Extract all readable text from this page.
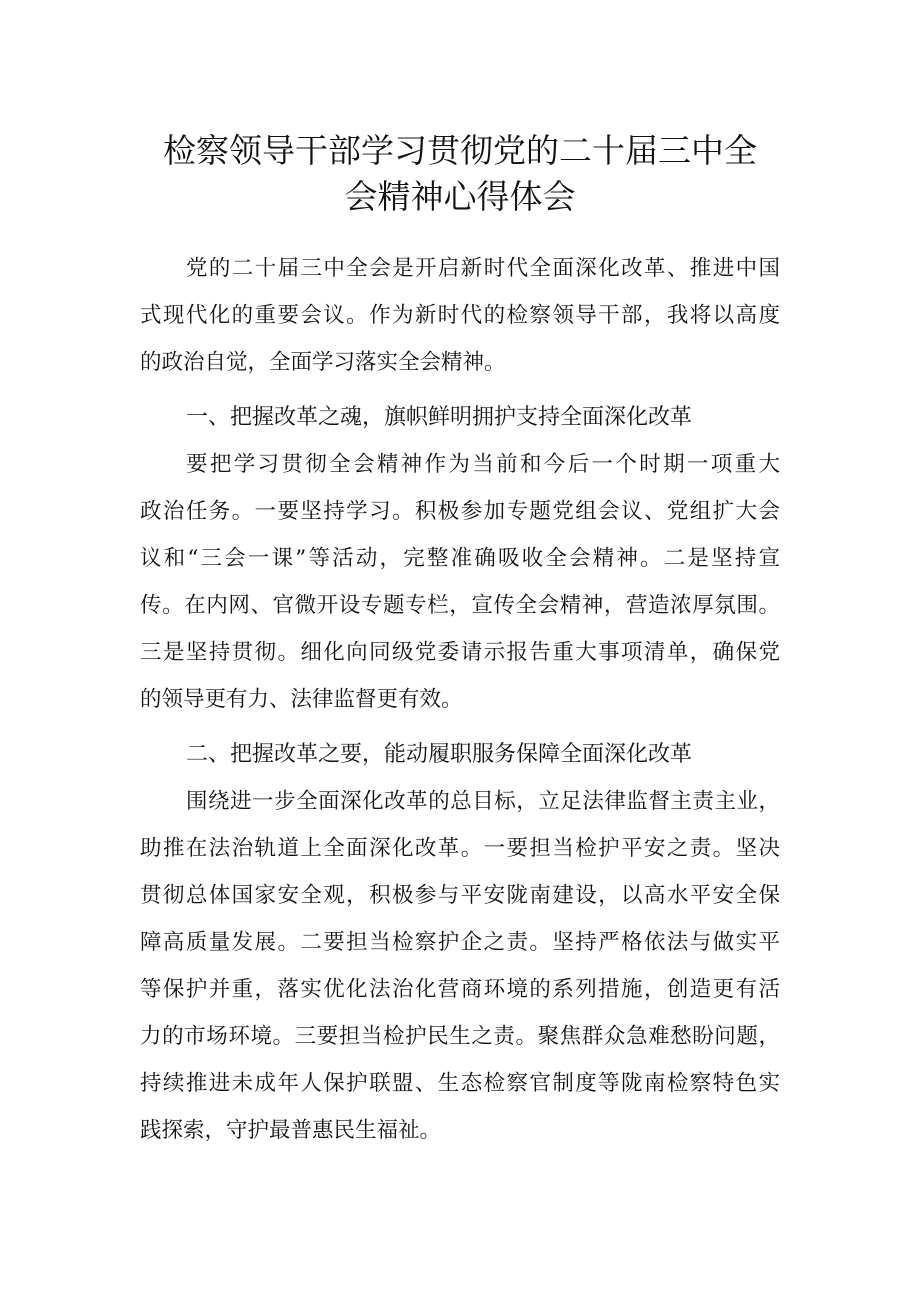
检察领导干部学习贯彻党的二十届三中全
会精神心得体会
党的二十届三中全会是开启新时代全面深化改革、推进中国
式现代化的重要会议。作为新时代的检察领导干部，我将以高度
的政治自觉，全面学习落实全会精神。
一、把握改革之魂，旗帜鲜明拥护支持全面深化改革
要把学习贯彻全会精神作为当前和今后一个时期一项重大
政治任务。一要坚持学习。积极参加专题党组会议、党组扩大会
议和“三会一课”等活动，完整准确吸收全会精神。二是坚持宣
传。在内网、官微开设专题专栏，宣传全会精神，营造浓厚氛围。
三是坚持贯彻。细化向同级党委请示报告重大事项清单，确保党
的领导更有力、法律监督更有效。
二、把握改革之要，能动履职服务保障全面深化改革
围绕进一步全面深化改革的总目标，立足法律监督主责主业，
助推在法治轨道上全面深化改革。一要担当检护平安之责。坚决
贯彻总体国家安全观，积极参与平安陇南建设，以高水平安全保
障高质量发展。二要担当检察护企之责。坚持严格依法与做实平
等保护并重，落实优化法治化营商环境的系列措施，创造更有活
力的市场环境。三要担当检护民生之责。聚焦群众急难愁盼问题，
持续推进未成年人保护联盟、生态检察官制度等陇南检察特色实
践探索，守护最普惠民生福祉。
